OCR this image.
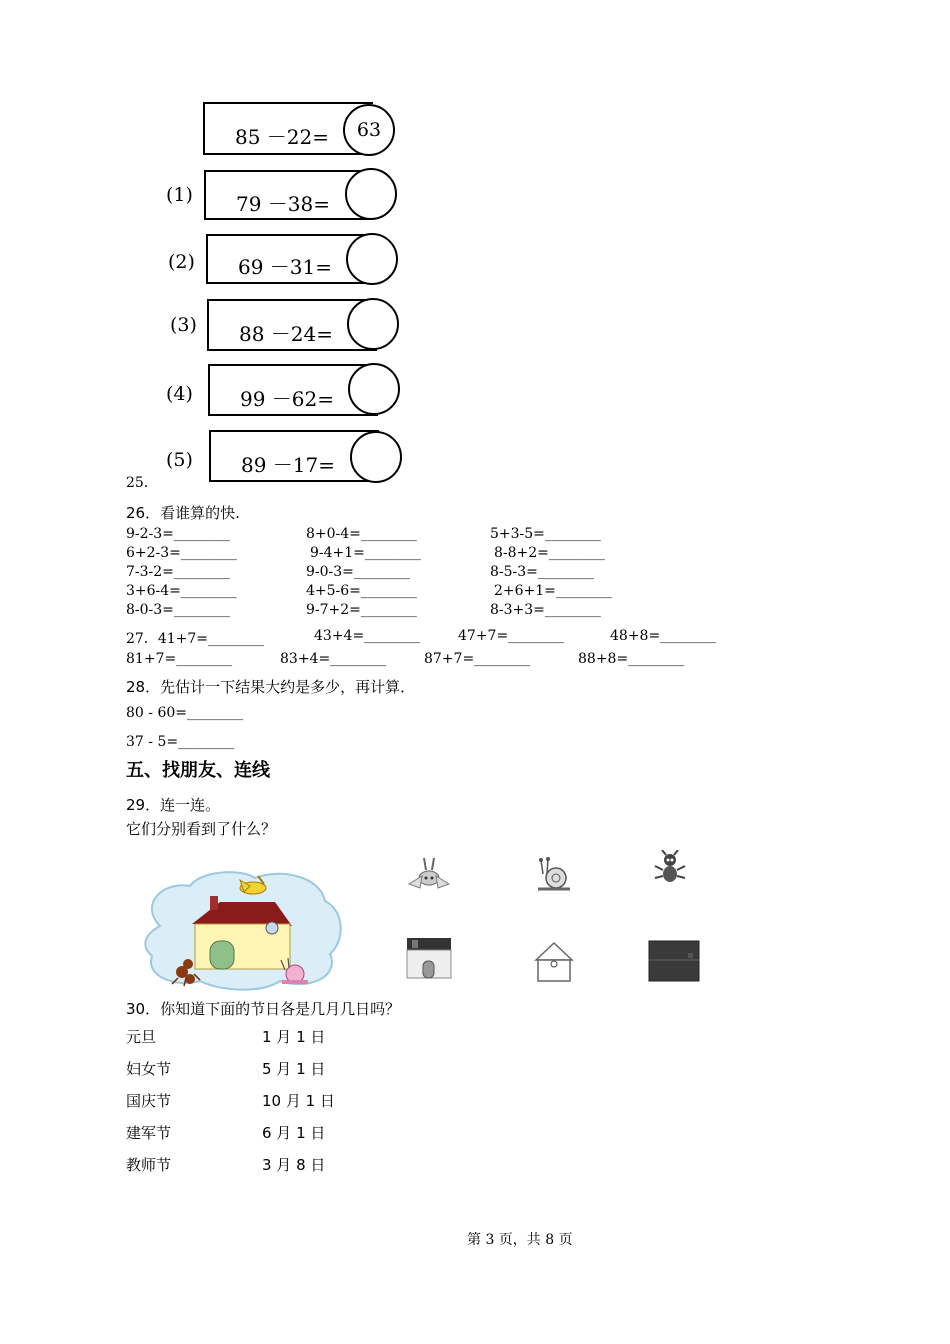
85 －22=	63
(1) 79 －38=
(2) 69 －31=
(3) 88 －24=
(4) 99 －62=
(5) 89 －17=
25．
26．看谁算的快.
9-2-3=________	8+0-4=________	5+3-5=________
6+2-3=________	9-4+1=________	8-8+2=________
7-3-2=________	9-0-3=________	8-5-3=________
3+6-4=________	4+5-6=________	2+6+1=________
8-0-3=________	9-7+2=________	8-3+3=________
27．41+7=________	43+4=________	47+7=________	48+8=________
81+7=________	83+4=________	87+7=________	88+8=________
28．先估计一下结果大约是多少，再计算．
80 - 60=________
37 - 5=________
五、找朋友、连线
29．连一连。
它们分别看到了什么？
30．你知道下面的节日各是几月几日吗？
元旦	1 月 1 日
妇女节	5 月 1 日
国庆节	10 月 1 日
建军节	6 月 1 日
教师节	3 月 8 日
第 3 页，共 8 页
